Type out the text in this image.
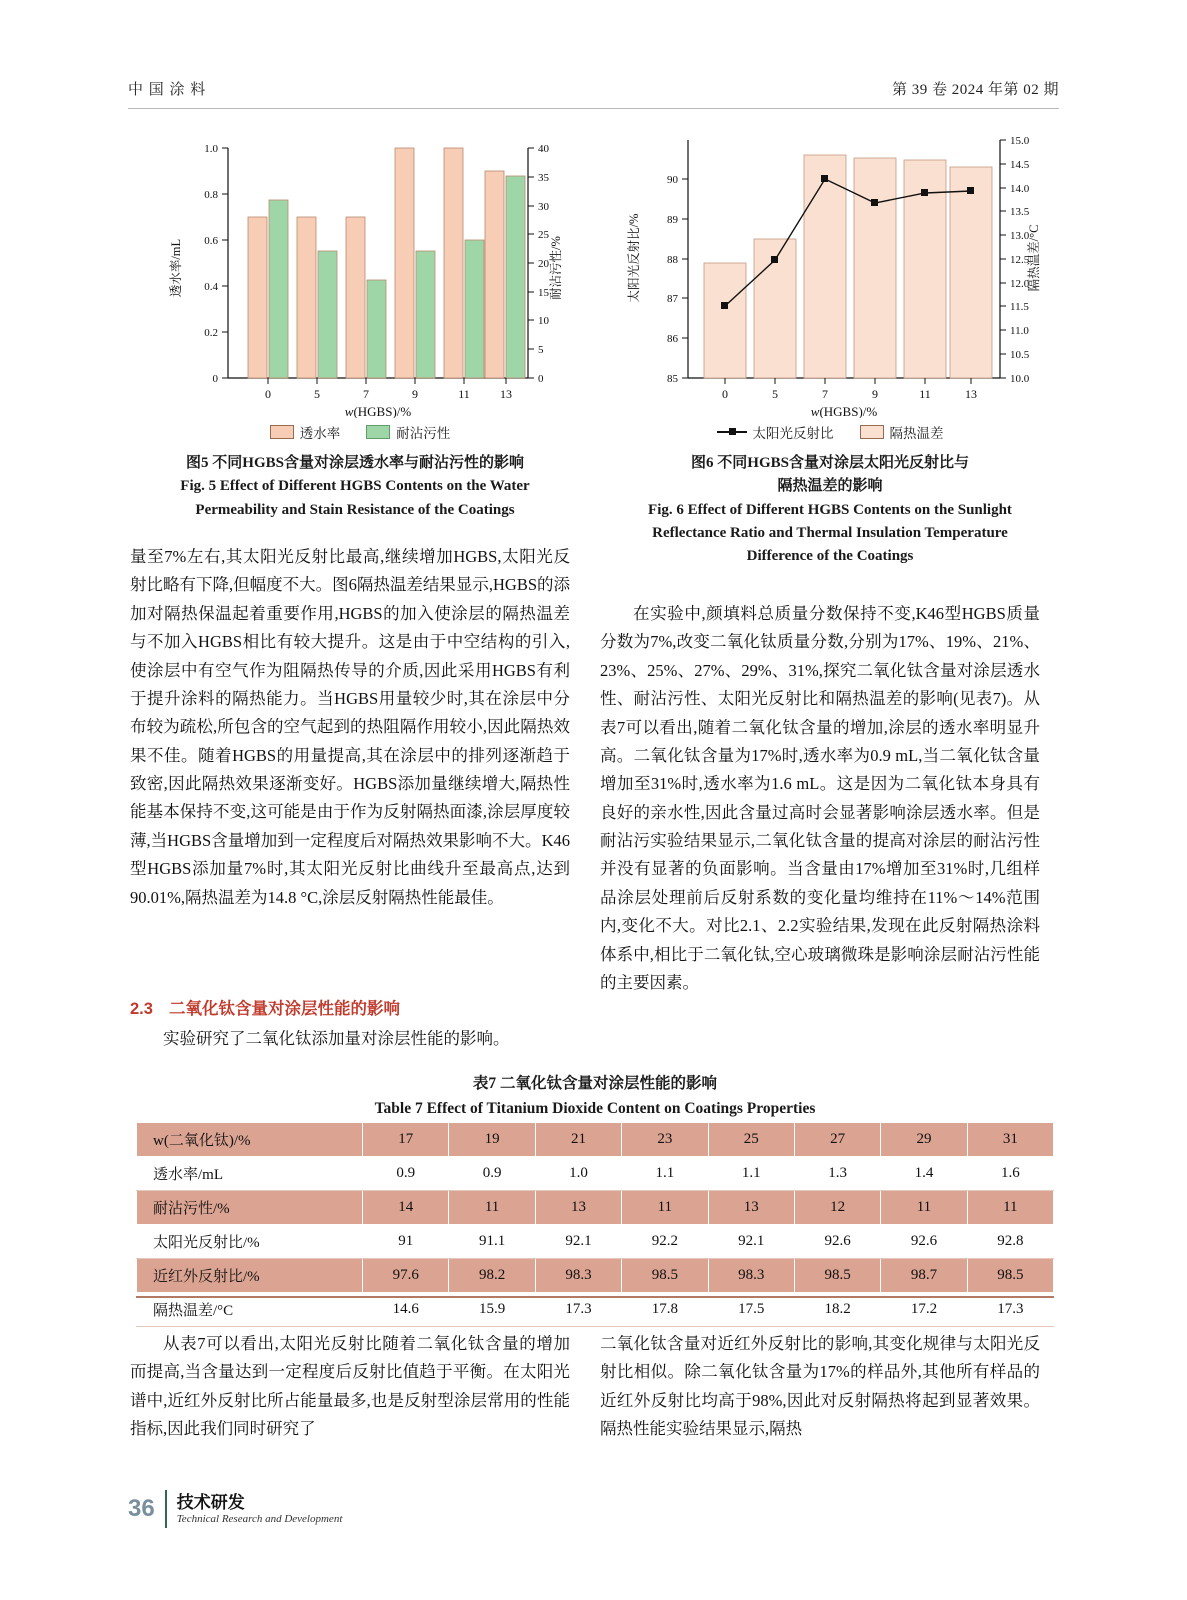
中 国 涂 料	第 39 卷 2024 年第 02 期
0
0.2
0.4
0.6
0.8
1.0
0
5
10
15
20
25
30
35
40
0	5	7	9	11	13
w(HGBS)/%
透水率/mL	耐沾污性/%
透水率	耐沾污性
85
86
87
88
89
90
10.0
10.5
11.0
11.5
12.0
12.5
13.0
13.5
14.0
14.5
15.0
0	5	7	9	11	13
w(HGBS)/%
太阳光反射比/%	隔热温差/°C
太阳光反射比	隔热温差
图5 不同HGBS含量对涂层透水率与耐沾污性的影响
Fig. 5 Effect of Different HGBS Contents on the Water
Permeability and Stain Resistance of the Coatings
图6 不同HGBS含量对涂层太阳光反射比与
隔热温差的影响
Fig. 6 Effect of Different HGBS Contents on the Sunlight
Reflectance Ratio and Thermal Insulation Temperature
Difference of the Coatings

量至7%左右,其太阳光反射比最高,继续增加HGBS,太阳光反射比略有下降,但幅度不大。图6隔热温差结果显示,HGBS的添加对隔热保温起着重要作用,HGBS的加入使涂层的隔热温差与不加入HGBS相比有较大提升。这是由于中空结构的引入,使涂层中有空气作为阻隔热传导的介质,因此采用HGBS有利于提升涂料的隔热能力。当HGBS用量较少时,其在涂层中分布较为疏松,所包含的空气起到的热阻隔作用较小,因此隔热效果不佳。随着HGBS的用量提高,其在涂层中的排列逐渐趋于致密,因此隔热效果逐渐变好。HGBS添加量继续增大,隔热性能基本保持不变,这可能是由于作为反射隔热面漆,涂层厚度较薄,当HGBS含量增加到一定程度后对隔热效果影响不大。K46型HGBS添加量7%时,其太阳光反射比曲线升至最高点,达到90.01%,隔热温差为14.8 °C,涂层反射隔热性能最佳。

在实验中,颜填料总质量分数保持不变,K46型HGBS质量分数为7%,改变二氧化钛质量分数,分别为17%、19%、21%、23%、25%、27%、29%、31%,探究二氧化钛含量对涂层透水性、耐沾污性、太阳光反射比和隔热温差的影响(见表7)。从表7可以看出,随着二氧化钛含量的增加,涂层的透水率明显升高。二氧化钛含量为17%时,透水率为0.9 mL,当二氧化钛含量增加至31%时,透水率为1.6 mL。这是因为二氧化钛本身具有良好的亲水性,因此含量过高时会显著影响涂层透水率。但是耐沾污实验结果显示,二氧化钛含量的提高对涂层的耐沾污性并没有显著的负面影响。当含量由17%增加至31%时,几组样品涂层处理前后反射系数的变化量均维持在11%～14%范围内,变化不大。对比2.1、2.2实验结果,发现在此反射隔热涂料体系中,相比于二氧化钛,空心玻璃微珠是影响涂层耐沾污性能的主要因素。

2.3 二氧化钛含量对涂层性能的影响

实验研究了二氧化钛添加量对涂层性能的影响。

表7 二氧化钛含量对涂层性能的影响
Table 7 Effect of Titanium Dioxide Content on Coatings Properties
w(二氧化钛)/%	17	19	21	23	25	27	29	31
透水率/mL	0.9	0.9	1.0	1.1	1.1	1.3	1.4	1.6
耐沾污性/%	14	11	13	11	13	12	11	11
太阳光反射比/%	91	91.1	92.1	92.2	92.1	92.6	92.6	92.8
近红外反射比/%	97.6	98.2	98.3	98.5	98.3	98.5	98.7	98.5
隔热温差/°C	14.6	15.9	17.3	17.8	17.5	18.2	17.2	17.3

从表7可以看出,太阳光反射比随着二氧化钛含量的增加而提高,当含量达到一定程度后反射比值趋于平衡。在太阳光谱中,近红外反射比所占能量最多,也是反射型涂层常用的性能指标,因此我们同时研究了

二氧化钛含量对近红外反射比的影响,其变化规律与太阳光反射比相似。除二氧化钛含量为17%的样品外,其他所有样品的近红外反射比均高于98%,因此对反射隔热将起到显著效果。隔热性能实验结果显示,隔热

36 技术研发
Technical Research and Development
